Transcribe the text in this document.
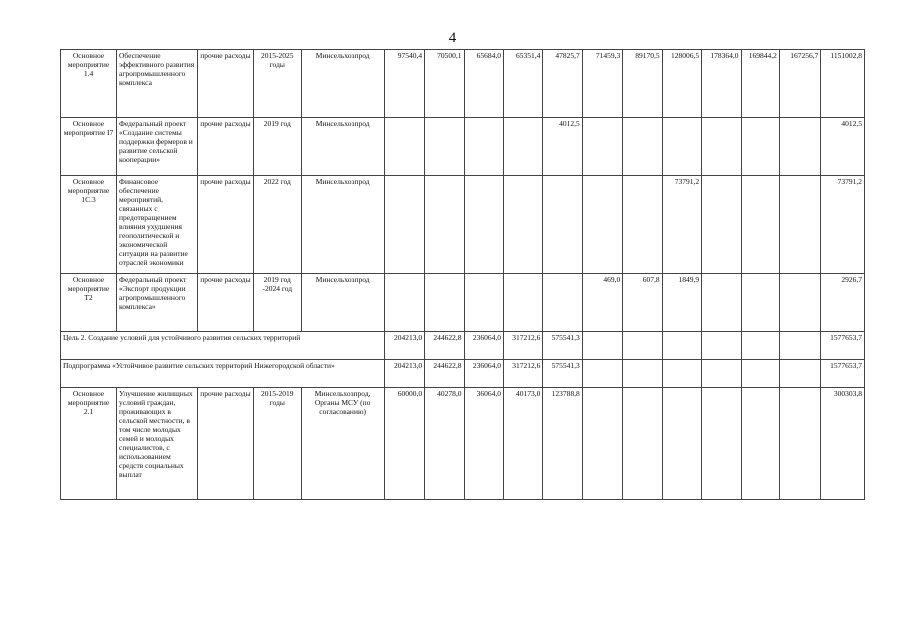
4
Основное мероприятие 1.4	Обеспечение эффективного развития агропромышленного комплекса	прочие расходы	2015-2025 годы	Минсельхозпрод	97540,4	70500,1	65684,0	65351,4	47825,7	71459,3	89170,5	128006,5	178364,0	169844,2	167256,7	1151002,8
Основное мероприятие I7	Федеральный проект «Создание системы поддержки фермеров и развитие сельской кооперации»	прочие расходы	2019 год	Минсельхозпрод					4012,5							4012,5
Основное мероприятие 1С.3	Финансовое обеспечение мероприятий, связанных с предотвращением влияния ухудшения геополитической и экономической ситуации на развитие отраслей экономики	прочие расходы	2022 год	Минсельхозпрод								73791,2				73791,2
Основное мероприятие Т2	Федеральный проект «Экспорт продукции агропромышленного комплекса»	прочие расходы	2019 год -2024 год	Минсельхозпрод						469,0	607,8	1849,9				2926,7
Цель 2. Создание условий для устойчивого развития сельских территорий					204213,0	244622,8	236064,0	317212,6	575541,3							1577653,7
Подпрограмма «Устойчивое развитие сельских территорий Нижегородской области»					204213,0	244622,8	236064,0	317212,6	575541,3							1577653,7
Основное мероприятие 2.1	Улучшение жилищных условий граждан, проживающих в сельской местности, в том числе молодых семей и молодых специалистов, с использованием средств социальных выплат	прочие расходы	2015-2019 годы	Минсельхозпрод, Органы МСУ (по согласованию)	60000,0	40278,0	36064,0	40173,0	123788,8							300303,8
